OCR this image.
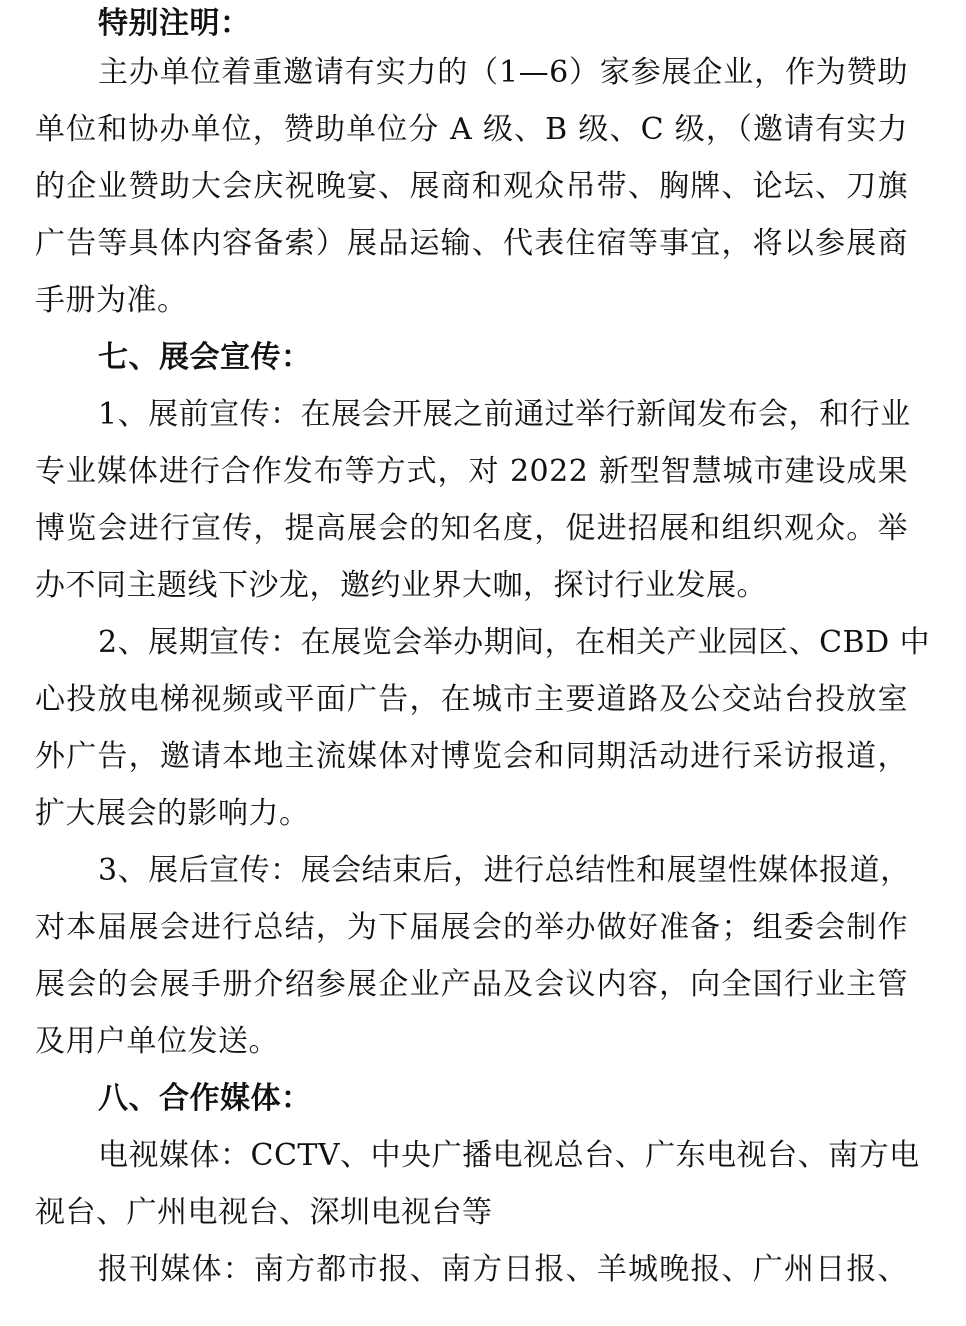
特别注明：
主办单位着重邀请有实力的（1—6）家参展企业，作为赞助
单位和协办单位，赞助单位分 A 级、B 级、C 级，（邀请有实力
的企业赞助大会庆祝晚宴、展商和观众吊带、胸牌、论坛、刀旗
广告等具体内容备索）展品运输、代表住宿等事宜，将以参展商
手册为准。
七、展会宣传：
1、展前宣传：在展会开展之前通过举行新闻发布会，和行业
专业媒体进行合作发布等方式，对 2022 新型智慧城市建设成果
博览会进行宣传，提高展会的知名度，促进招展和组织观众。举
办不同主题线下沙龙，邀约业界大咖，探讨行业发展。
2、展期宣传：在展览会举办期间，在相关产业园区、CBD 中
心投放电梯视频或平面广告，在城市主要道路及公交站台投放室
外广告，邀请本地主流媒体对博览会和同期活动进行采访报道，
扩大展会的影响力。
3、展后宣传：展会结束后，进行总结性和展望性媒体报道，
对本届展会进行总结，为下届展会的举办做好准备；组委会制作
展会的会展手册介绍参展企业产品及会议内容，向全国行业主管
及用户单位发送。
八、合作媒体：
电视媒体：CCTV、中央广播电视总台、广东电视台、南方电
视台、广州电视台、深圳电视台等
报刊媒体：南方都市报、南方日报、羊城晚报、广州日报、
